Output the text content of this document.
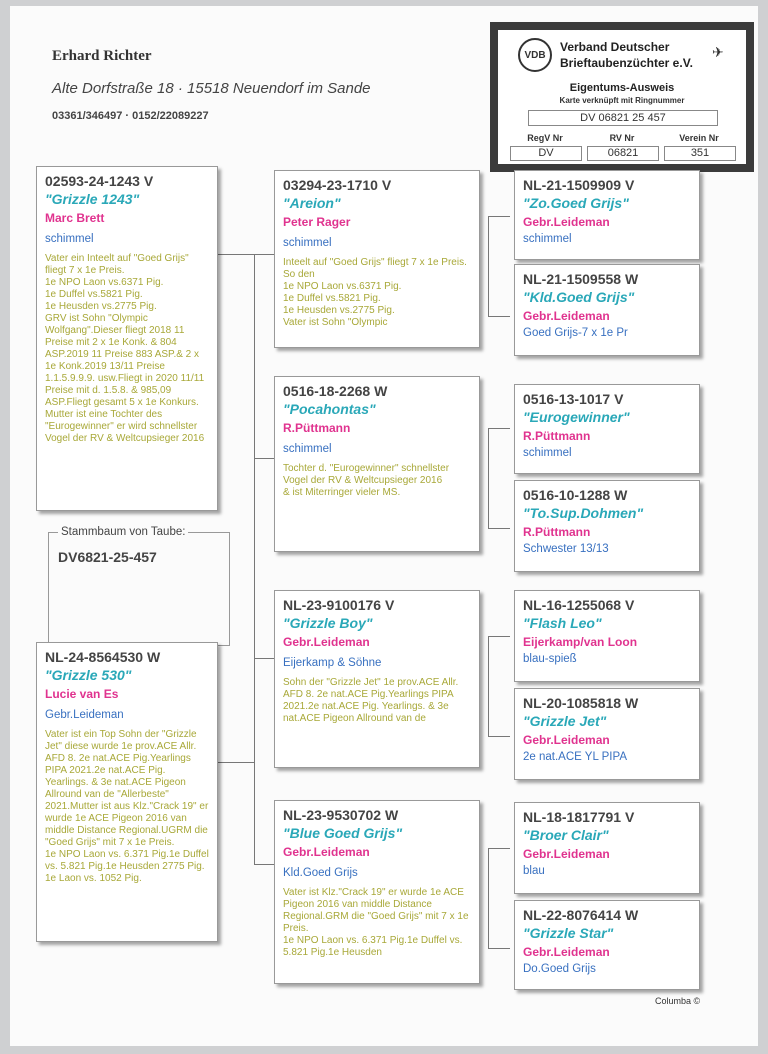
Erhard Richter
Alte Dorfstraße 18 · 15518 Neuendorf im Sande
03361/346497 · 0152/22089227
VDB
Verband Deutscher
Brieftaubenzüchter e.V.
✈
Eigentums-Ausweis
Karte verknüpft mit Ringnummer
DV 06821 25 457
RegV Nr	RV Nr	Verein Nr
DV	06821	351
Stammbaum von Taube:
DV6821-25-457
02593-24-1243 V
"Grizzle 1243"
Marc Brett
schimmel
Vater ein Inteelt auf "Goed Grijs" fliegt 7 x 1e Preis.
1e NPO Laon vs.6371 Pig.
1e Duffel vs.5821 Pig.
1e Heusden vs.2775 Pig.
GRV ist Sohn "Olympic Wolfgang".Dieser fliegt 2018 11 Preise mit 2 x 1e Konk. & 804 ASP.2019 11 Preise 883 ASP.& 2 x 1e Konk.2019 13/11 Preise 1.1.5.9.9.9. usw.Fliegt in 2020 11/11 Preise mit d. 1.5.8. & 985,09 ASP.Fliegt gesamt 5 x 1e Konkurs.
Mutter ist eine Tochter des "Eurogewinner" er wird schnellster Vogel der RV & Weltcupsieger 2016
NL-24-8564530 W
"Grizzle 530"
Lucie van Es
Gebr.Leideman
Vater ist ein Top Sohn der "Grizzle Jet" diese wurde 1e prov.ACE Allr. AFD 8. 2e nat.ACE Pig.Yearlings PIPA 2021.2e nat.ACE Pig. Yearlings. & 3e nat.ACE Pigeon Allround van de "Allerbeste" 2021.Mutter ist aus Klz."Crack 19" er wurde 1e ACE Pigeon 2016 van middle Distance Regional.UGRM die "Goed Grijs" mit 7 x 1e Preis.
1e NPO Laon vs. 6.371 Pig.1e Duffel vs. 5.821 Pig.1e Heusden 2775 Pig.
1e Laon vs. 1052 Pig.
03294-23-1710 V
"Areion"
Peter Rager
schimmel
Inteelt auf "Goed Grijs" fliegt 7 x 1e Preis. So den
1e NPO Laon vs.6371 Pig.
1e Duffel vs.5821 Pig.
1e Heusden vs.2775 Pig.
Vater ist Sohn "Olympic
0516-18-2268 W
"Pocahontas"
R.Püttmann
schimmel
Tochter d. "Eurogewinner" schnellster Vogel der RV & Weltcupsieger 2016
& ist Miterringer vieler MS.
NL-23-9100176 V
"Grizzle Boy"
Gebr.Leideman
Eijerkamp & Söhne
Sohn der "Grizzle Jet" 1e prov.ACE Allr. AFD 8. 2e nat.ACE Pig.Yearlings PIPA 2021.2e nat.ACE Pig. Yearlings. & 3e nat.ACE Pigeon Allround van de
NL-23-9530702 W
"Blue Goed Grijs"
Gebr.Leideman
Kld.Goed Grijs
Vater ist Klz."Crack 19" er wurde 1e ACE Pigeon 2016 van middle Distance Regional.GRM die "Goed Grijs" mit 7 x 1e Preis.
1e NPO Laon vs. 6.371 Pig.1e Duffel vs. 5.821 Pig.1e Heusden
NL-21-1509909 V
"Zo.Goed Grijs"
Gebr.Leideman
schimmel
NL-21-1509558 W
"Kld.Goed Grijs"
Gebr.Leideman
Goed Grijs-7 x 1e Pr
0516-13-1017 V
"Eurogewinner"
R.Püttmann
schimmel
0516-10-1288 W
"To.Sup.Dohmen"
R.Püttmann
Schwester 13/13
NL-16-1255068 V
"Flash Leo"
Eijerkamp/van Loon
blau-spieß
NL-20-1085818 W
"Grizzle Jet"
Gebr.Leideman
2e nat.ACE YL PIPA
NL-18-1817791 V
"Broer Clair"
Gebr.Leideman
blau
NL-22-8076414 W
"Grizzle Star"
Gebr.Leideman
Do.Goed Grijs
Columba ©
